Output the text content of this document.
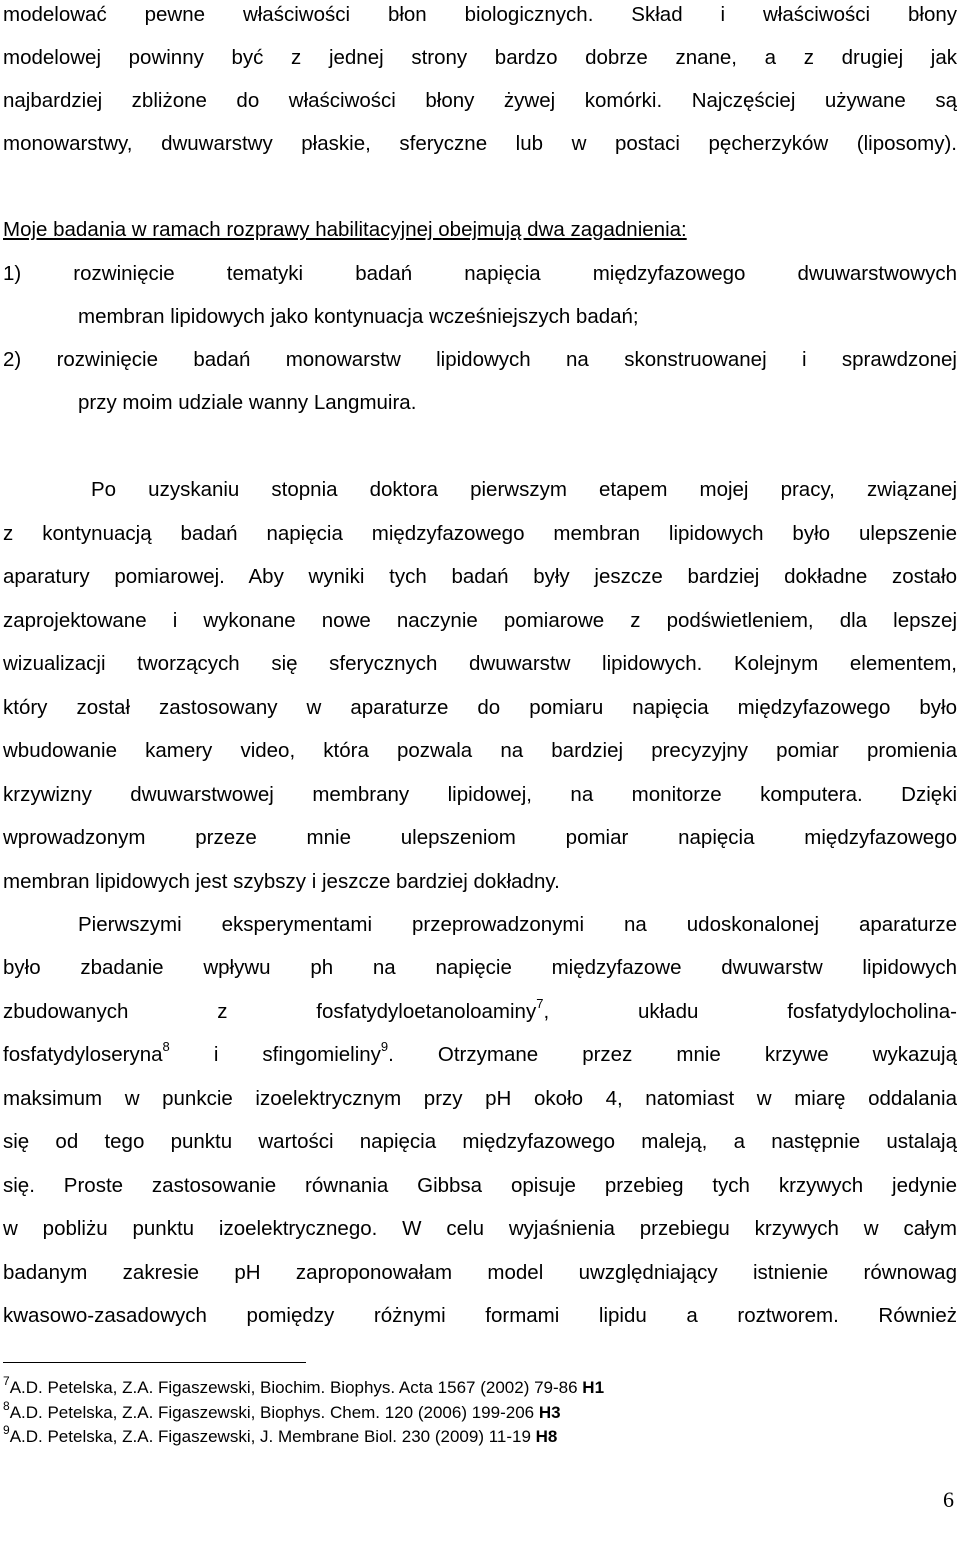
modelować pewne właściwości błon biologicznych. Skład i właściwości błony
modelowej powinny być z jednej strony bardzo dobrze znane, a z drugiej jak
najbardziej zbliżone do właściwości błony żywej komórki. Najczęściej używane są
monowarstwy, dwuwarstwy płaskie, sferyczne lub w postaci pęcherzyków (liposomy).
Moje badania w ramach rozprawy habilitacyjnej obejmują dwa zagadnienia:
1) rozwinięcie tematyki badań napięcia międzyfazowego dwuwarstwowych
membran lipidowych jako kontynuacja wcześniejszych badań;
2) rozwinięcie badań monowarstw lipidowych na skonstruowanej i sprawdzonej
przy moim udziale wanny Langmuira.
Po uzyskaniu stopnia doktora pierwszym etapem mojej pracy, związanej
z kontynuacją badań napięcia międzyfazowego membran lipidowych było ulepszenie
aparatury pomiarowej. Aby wyniki tych badań były jeszcze bardziej dokładne zostało
zaprojektowane i wykonane nowe naczynie pomiarowe z podświetleniem, dla lepszej
wizualizacji tworzących się sferycznych dwuwarstw lipidowych. Kolejnym elementem,
który został zastosowany w aparaturze do pomiaru napięcia międzyfazowego było
wbudowanie kamery video, która pozwala na bardziej precyzyjny pomiar promienia
krzywizny dwuwarstwowej membrany lipidowej, na monitorze komputera. Dzięki
wprowadzonym przeze mnie ulepszeniom pomiar napięcia międzyfazowego
membran lipidowych jest szybszy i jeszcze bardziej dokładny.
Pierwszymi eksperymentami przeprowadzonymi na udoskonalonej aparaturze
było zbadanie wpływu ph na napięcie międzyfazowe dwuwarstw lipidowych
zbudowanych z fosfatydyloetanoloaminy$^7$, układu fosfatydylocholina-
fosfatydyloseryna$^8$ i sfingomieliny$^9$. Otrzymane przez mnie krzywe wykazują
maksimum w punkcie izoelektrycznym przy pH około 4, natomiast w miarę oddalania
się od tego punktu wartości napięcia międzyfazowego maleją, a następnie ustalają
się. Proste zastosowanie równania Gibbsa opisuje przebieg tych krzywych jedynie
w pobliżu punktu izoelektrycznego. W celu wyjaśnienia przebiegu krzywych w całym
badanym zakresie pH zaproponowałam model uwzględniający istnienie równowag
kwasowo-zasadowych pomiędzy różnymi formami lipidu a roztworem. Również
$^7$A.D. Petelska, Z.A. Figaszewski, Biochim. Biophys. Acta 1567 (2002) 79-86 H1
$^8$A.D. Petelska, Z.A. Figaszewski, Biophys. Chem. 120 (2006) 199-206 H3
$^9$A.D. Petelska, Z.A. Figaszewski, J. Membrane Biol. 230 (2009) 11-19 H8
6
